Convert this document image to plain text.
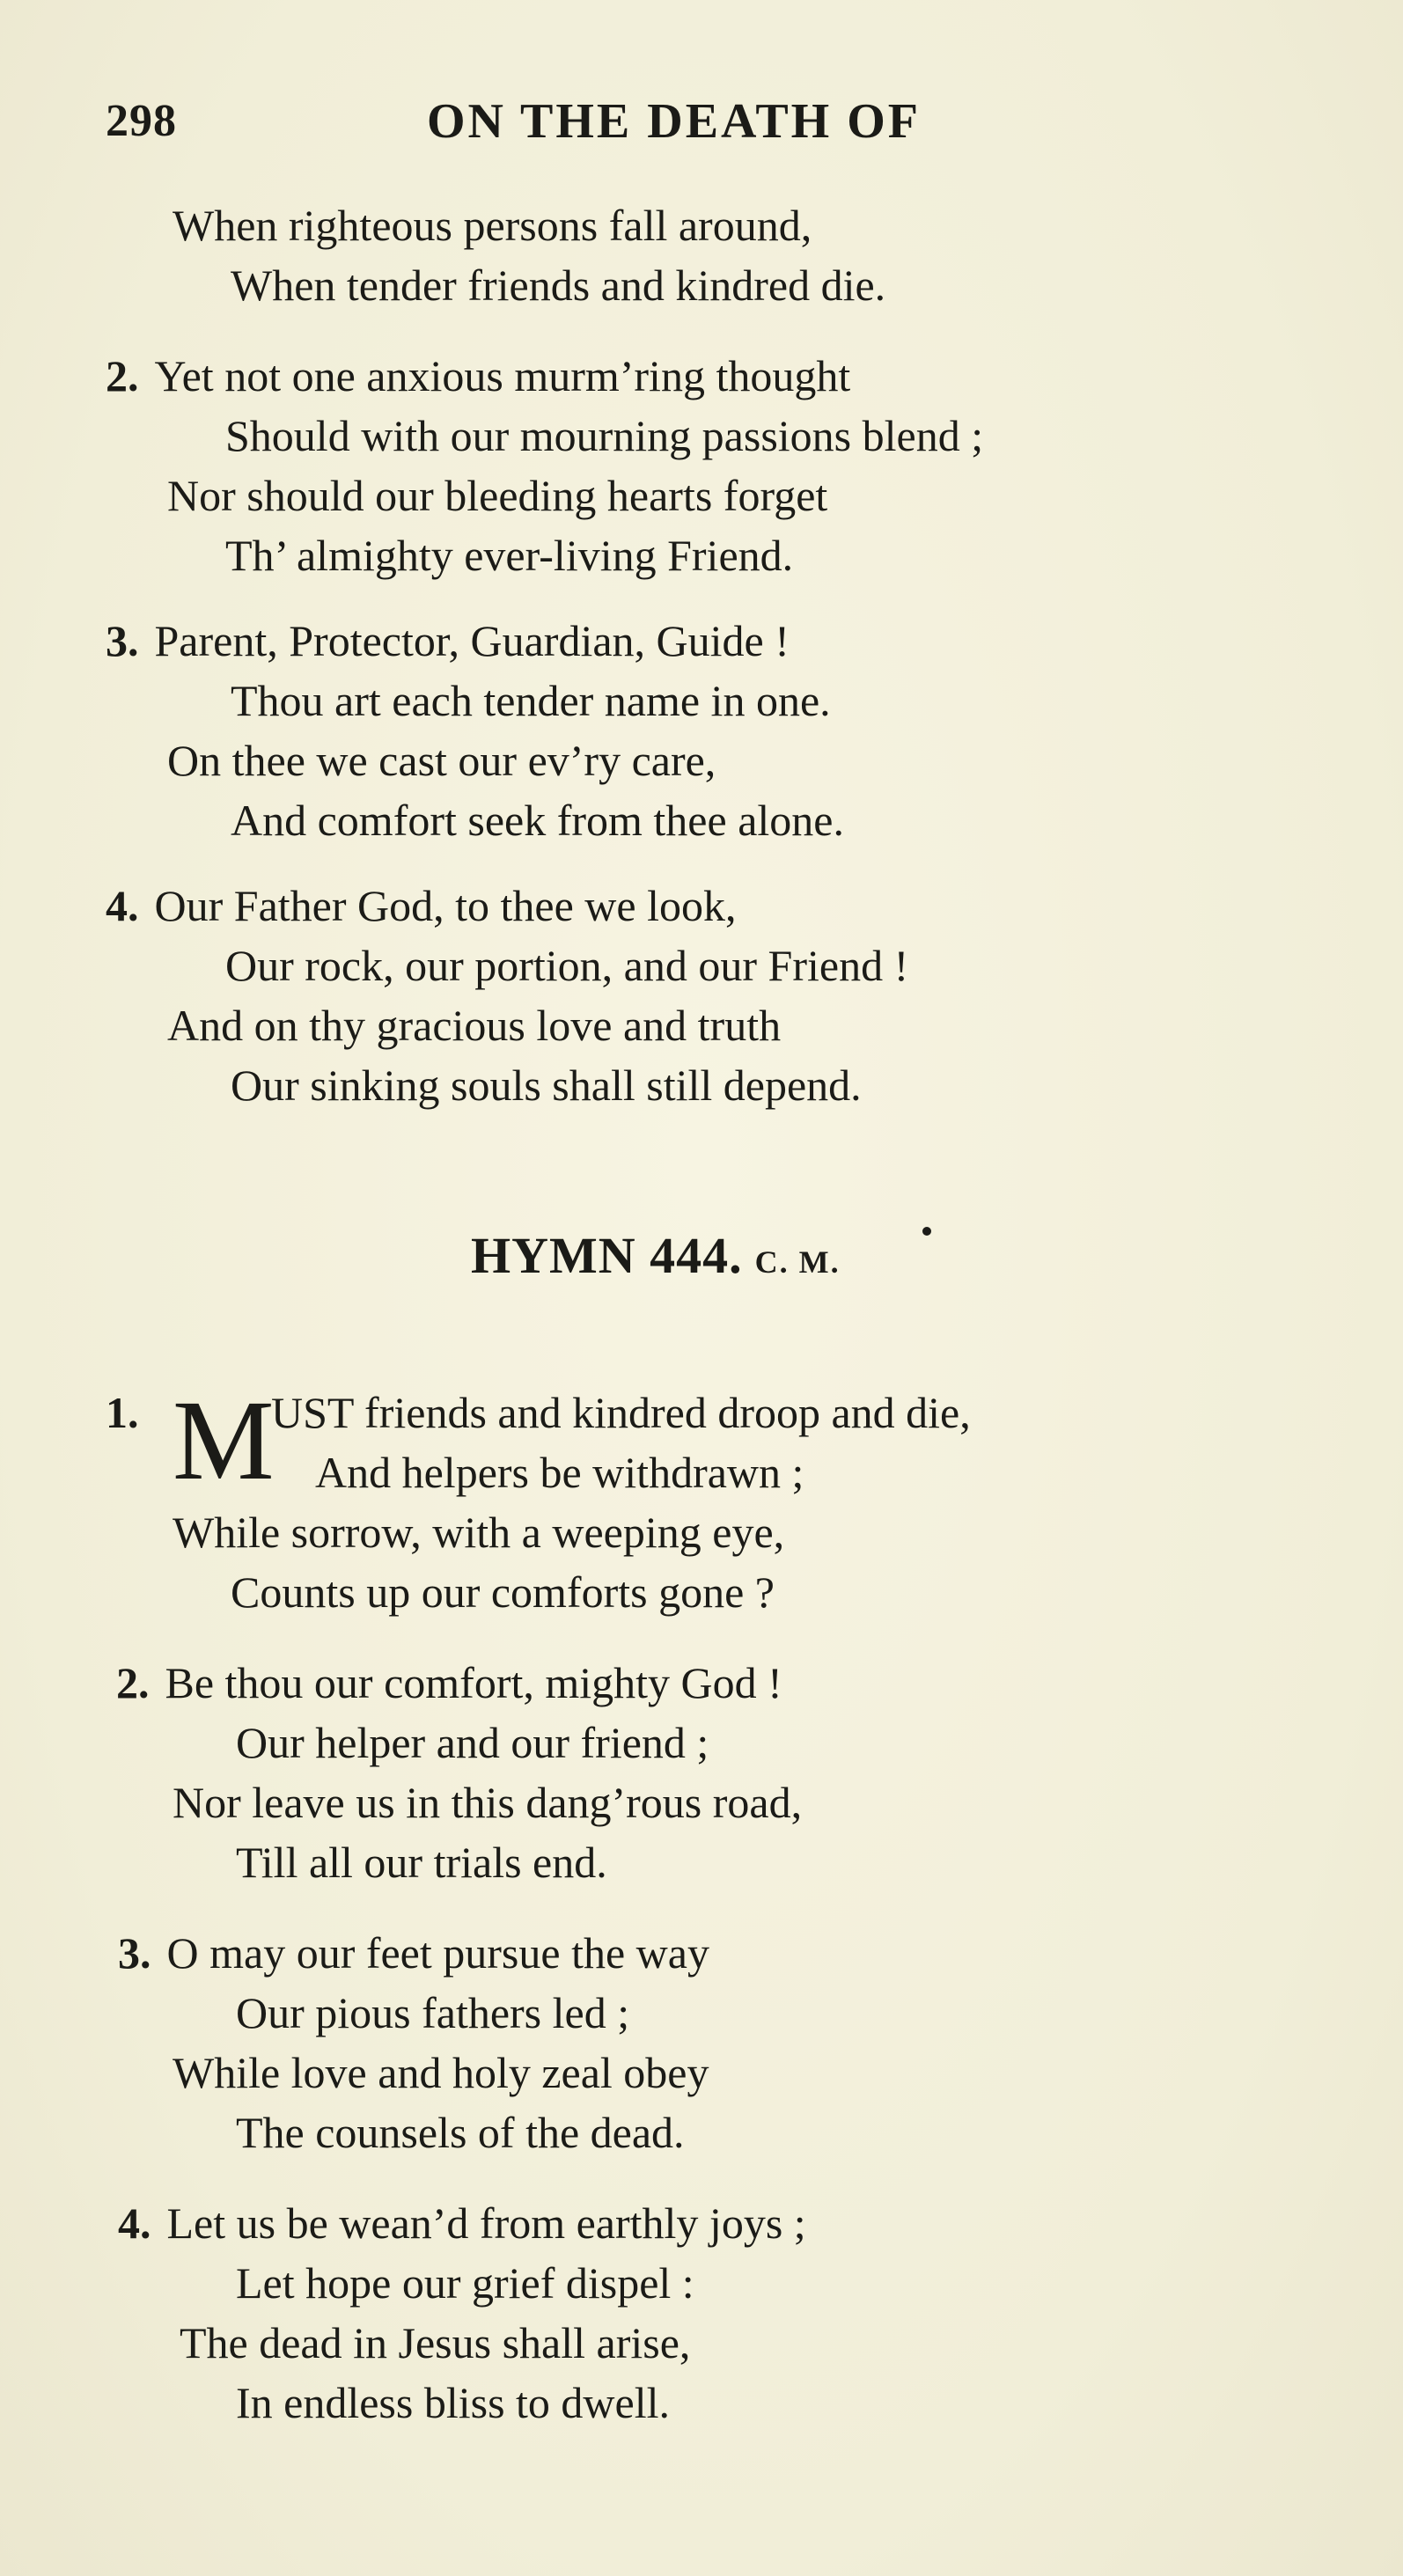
298	ON THE DEATH OF
When righteous persons fall around,
When tender friends and kindred die.
2. Yet not one anxious murm’ring thought
Should with our mourning passions blend ;
Nor should our bleeding hearts forget
Th’ almighty ever-living Friend.
3. Parent, Protector, Guardian, Guide !
Thou art each tender name in one.
On thee we cast our ev’ry care,
And comfort seek from thee alone.
4. Our Father God, to thee we look,
Our rock, our portion, and our Friend !
And on thy gracious love and truth
Our sinking souls shall still depend.
HYMN 444. C. M.
1. M
UST friends and kindred droop and die,
And helpers be withdrawn ;
While sorrow, with a weeping eye,
Counts up our comforts gone ?
2. Be thou our comfort, mighty God !
Our helper and our friend ;
Nor leave us in this dang’rous road,
Till all our trials end.
3. O may our feet pursue the way
Our pious fathers led ;
While love and holy zeal obey
The counsels of the dead.
4. Let us be wean’d from earthly joys ;
Let hope our grief dispel :
The dead in Jesus shall arise,
In endless bliss to dwell.
